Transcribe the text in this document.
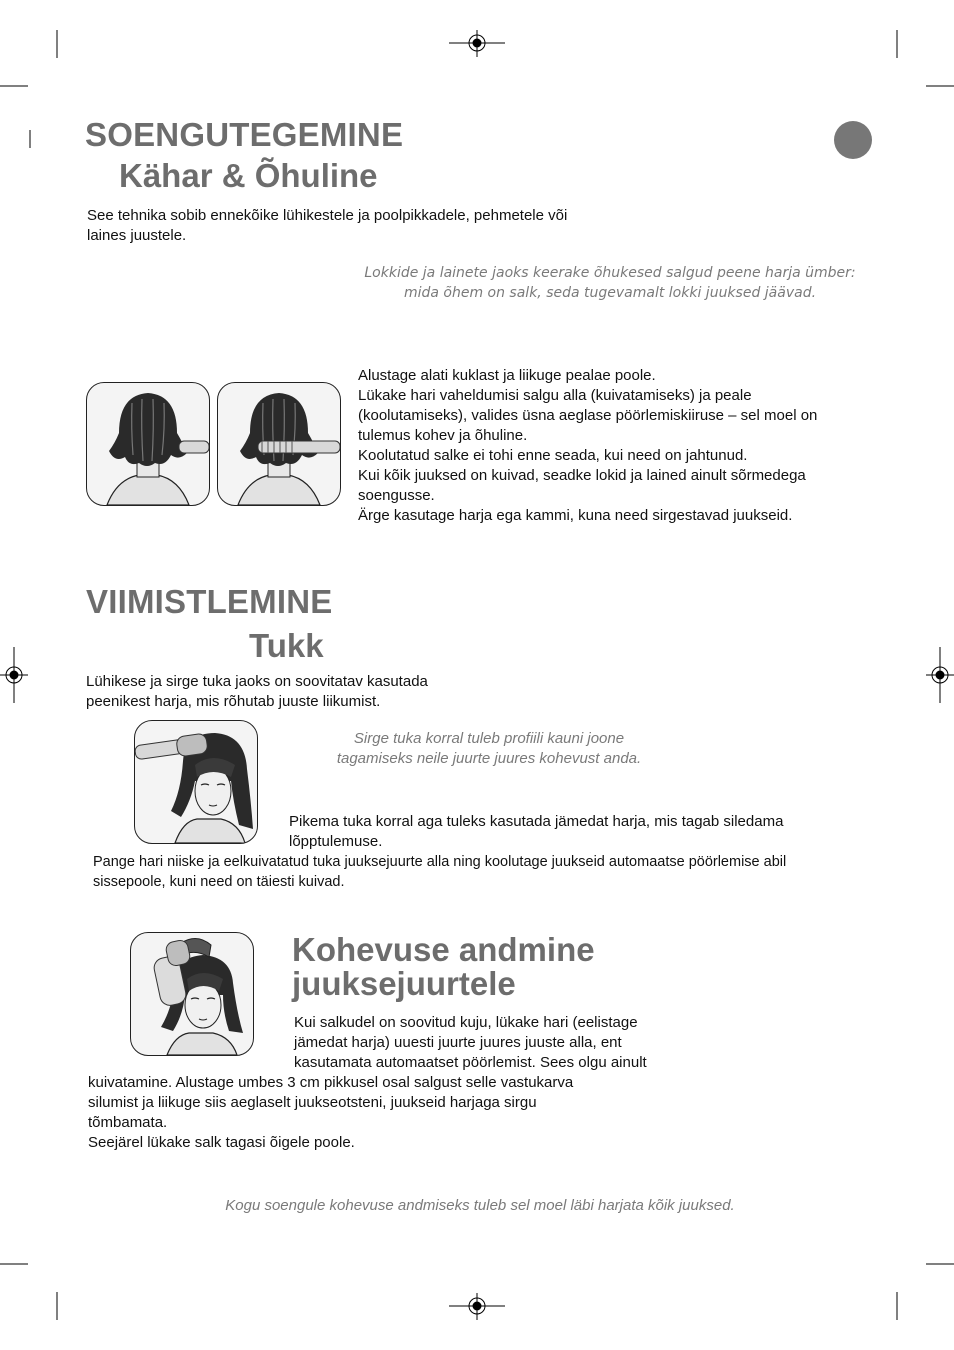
SOENGUTEGEMINE
Kähar & Õhuline
See tehnika sobib ennekõike lühikestele ja poolpikkadele, pehmetele või
laines juustele.
Lokkide ja lainete jaoks keerake õhukesed salgud peene harja ümber:
mida õhem on salk, seda tugevamalt lokki juuksed jäävad.
Alustage alati kuklast ja liikuge pealae poole.
Lükake hari vaheldumisi salgu alla (kuivatamiseks) ja peale
(koolutamiseks), valides üsna aeglase pöörlemiskiiruse – sel moel on
tulemus kohev ja õhuline.
Koolutatud salke ei tohi enne seada, kui need on jahtunud.
Kui kõik juuksed on kuivad, seadke lokid ja lained ainult sõrmedega
soengusse.
Ärge kasutage harja ega kammi, kuna need sirgestavad juukseid.
VIIMISTLEMINE
Tukk
Lühikese ja sirge tuka jaoks on soovitatav kasutada
peenikest harja, mis rõhutab juuste liikumist.
Sirge tuka korral tuleb profiili kauni joone
tagamiseks neile juurte juures kohevust anda.
Pikema tuka korral aga tuleks kasutada jämedat harja, mis tagab siledama
lõpptulemuse.
Pange hari niiske ja eelkuivatatud tuka juuksejuurte alla ning koolutage juukseid automaatse pöörlemise abil
sissepoole, kuni need on täiesti kuivad.
Kohevuse andmine
juuksejuurtele
Kui salkudel on soovitud kuju, lükake hari (eelistage
jämedat harja) uuesti juurte juures juuste alla, ent
kasutamata automaatset pöörlemist. Sees olgu ainult
kuivatamine. Alustage umbes 3 cm pikkusel osal salgust selle vastukarva
silumist ja liikuge siis aeglaselt juukseotsteni, juukseid harjaga sirgu
tõmbamata.
Seejärel lükake salk tagasi õigele poole.
Kogu soengule kohevuse andmiseks tuleb sel moel läbi harjata kõik juuksed.
